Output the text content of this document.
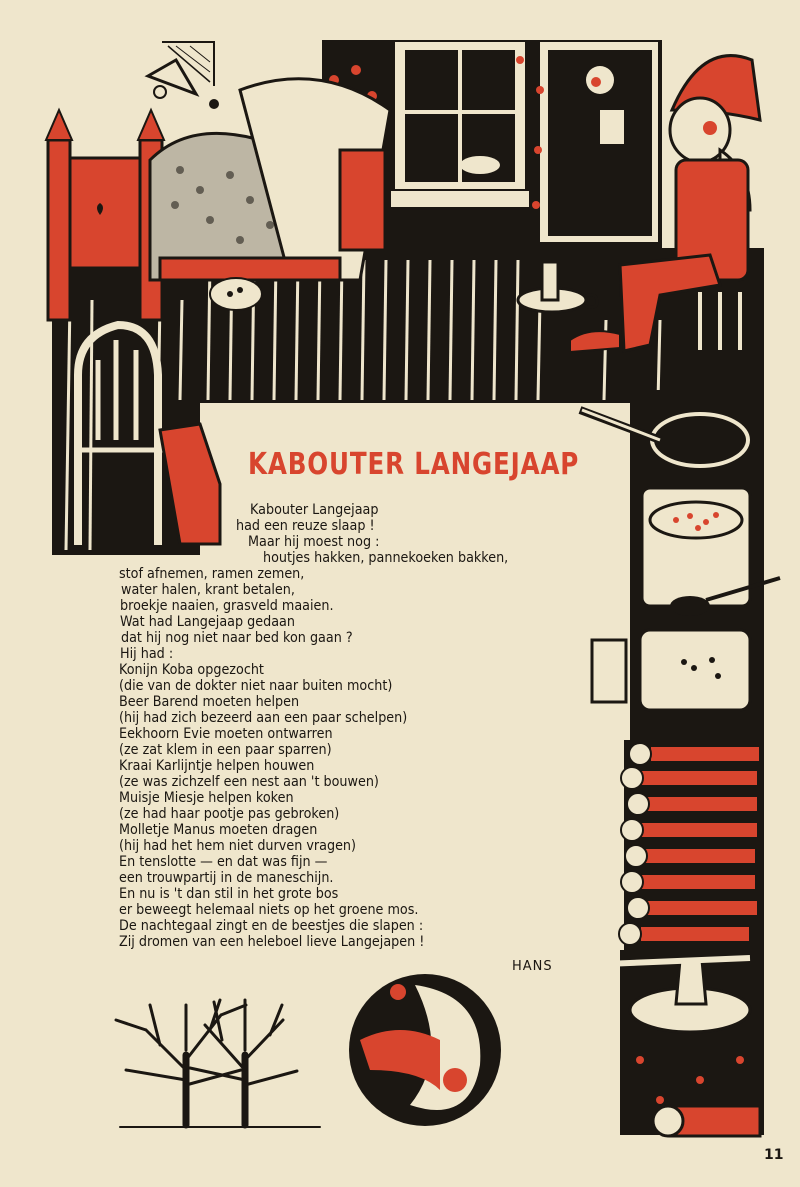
Joop Rietveld
KABOUTER LANGEJAAP
Kabouter Langejaap
had een reuze slaap !
Maar hij moest nog :
houtjes hakken, pannekoeken bakken,
stof afnemen, ramen zemen,
water halen, krant betalen,
broekje naaien, grasveld maaien.
Wat had Langejaap gedaan
dat hij nog niet naar bed kon gaan ?
Hij had :
Konijn Koba opgezocht
(die van de dokter niet naar buiten mocht)
Beer Barend moeten helpen
(hij had zich bezeerd aan een paar schelpen)
Eekhoorn Evie moeten ontwarren
(ze zat klem in een paar sparren)
Kraai Karlijntje helpen houwen
(ze was zichzelf een nest aan 't bouwen)
Muisje Miesje helpen koken
(ze had haar pootje pas gebroken)
Molletje Manus moeten dragen
(hij had het hem niet durven vragen)
En tenslotte — en dat was fijn —
een trouwpartij in de maneschijn.
En nu is 't dan stil in het grote bos
er beweegt helemaal niets op het groene mos.
De nachtegaal zingt en de beestjes die slapen :
Zij dromen van een heleboel lieve Langejapen !
HANS
11
